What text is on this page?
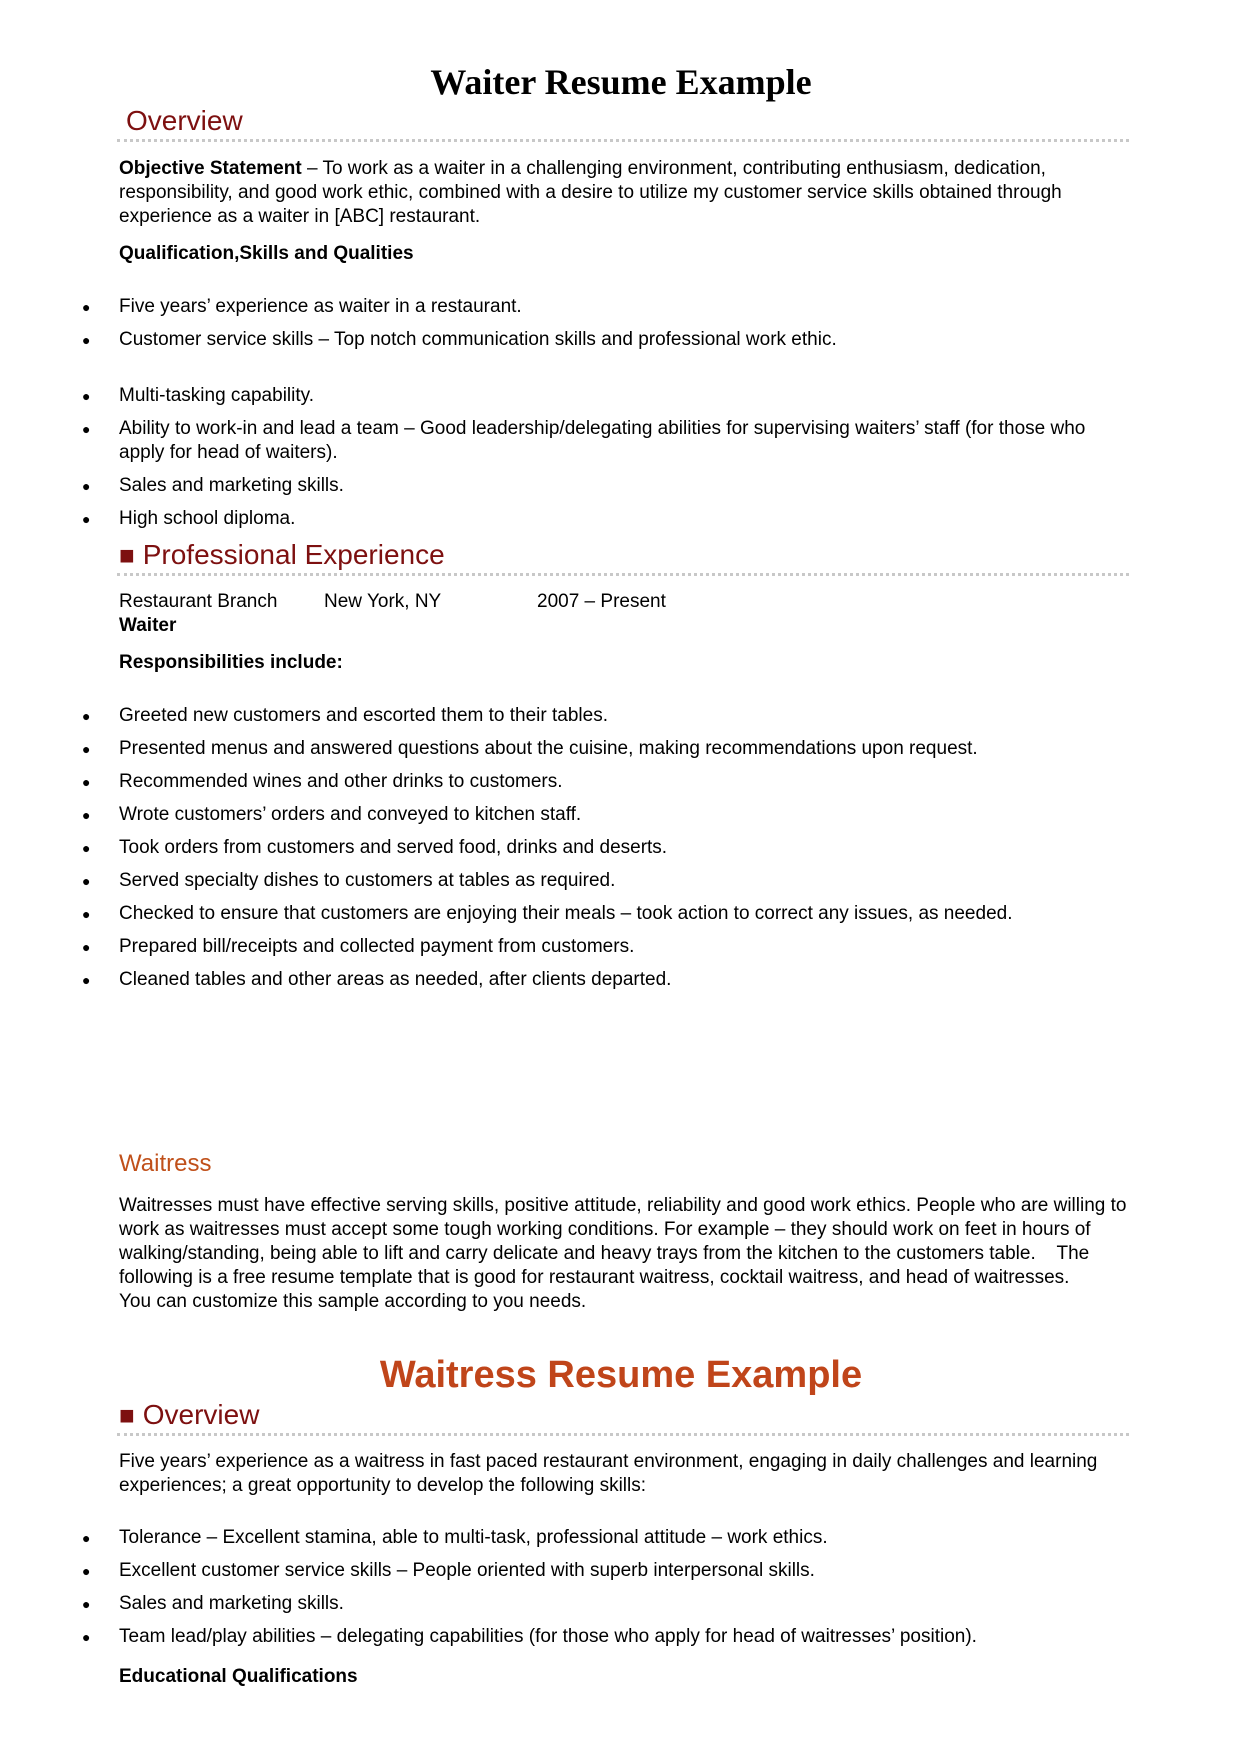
Waiter Resume Example
Overview
Objective Statement – To work as a waiter in a challenging environment, contributing enthusiasm, dedication, responsibility, and good work ethic, combined with a desire to utilize my customer service skills obtained through experience as a waiter in [ABC] restaurant.
Qualification,Skills and Qualities
● Five years’ experience as waiter in a restaurant.
● Customer service skills – Top notch communication skills and professional work ethic.
● Multi-tasking capability.
● Ability to work-in and lead a team – Good leadership/delegating abilities for supervising waiters’ staff (for those who apply for head of waiters).
● Sales and marketing skills.
● High school diploma.
■ Professional Experience
Restaurant Branch New York, NY	2007 – Present
Waiter
Responsibilities include:
● Greeted new customers and escorted them to their tables.
● Presented menus and answered questions about the cuisine, making recommendations upon request.
● Recommended wines and other drinks to customers.
● Wrote customers’ orders and conveyed to kitchen staff.
● Took orders from customers and served food, drinks and deserts.
● Served specialty dishes to customers at tables as required.
● Checked to ensure that customers are enjoying their meals – took action to correct any issues, as needed.
● Prepared bill/receipts and collected payment from customers.
● Cleaned tables and other areas as needed, after clients departed.
Waitress
Waitresses must have effective serving skills, positive attitude, reliability and good work ethics. People who are willing to work as waitresses must accept some tough working conditions. For example – they should work on feet in hours of walking/standing, being able to lift and carry delicate and heavy trays from the kitchen to the customers table.    The following is a free resume template that is good for restaurant waitress, cocktail waitress, and head of waitresses.
You can customize this sample according to you needs.
Waitress Resume Example
■ Overview
Five years’ experience as a waitress in fast paced restaurant environment, engaging in daily challenges and learning experiences; a great opportunity to develop the following skills:
● Tolerance – Excellent stamina, able to multi-task, professional attitude – work ethics.
● Excellent customer service skills – People oriented with superb interpersonal skills.
● Sales and marketing skills.
● Team lead/play abilities – delegating capabilities (for those who apply for head of waitresses’ position).
Educational Qualifications
